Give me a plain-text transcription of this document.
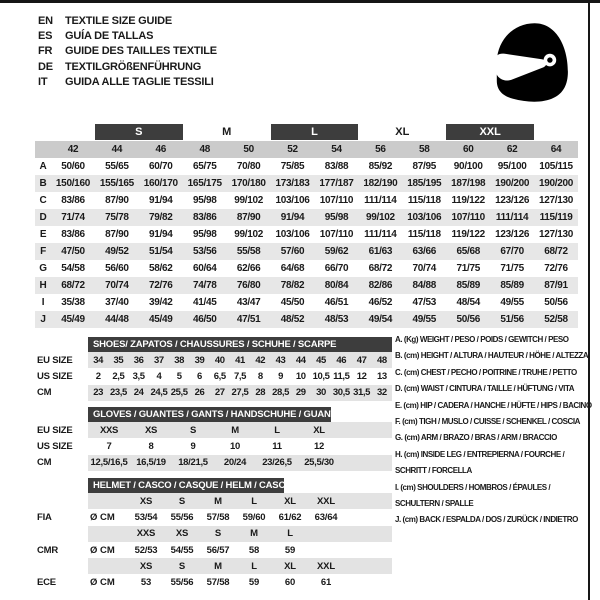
EN	TEXTILE SIZE GUIDE
ES	GUÍA DE TALLAS
FR	GUIDE DES TAILLES TEXTILE
DE	TEXTILGRÖßENFÜHRUNG
IT	GUIDA ALLE TAGLIE TESSILI
S	M	L	XL	XXL
42	44	46	48	50	52	54	56	58	60	62	64
A	50/60	55/65	60/70	65/75	70/80	75/85	83/88	85/92	87/95	90/100	95/100	105/115
B 150/160 155/165 160/170 165/175 170/180 173/183 177/187 182/190 185/195 187/198 190/200 190/200
C	83/86	87/90	91/94	95/98	99/102	103/106	107/110	111/114	115/118	119/122	123/126 127/130
D	71/74	75/78	79/82	83/86	87/90	91/94	95/98	99/102	103/106	107/110	111/114	115/119
E	83/86	87/90	91/94	95/98	99/102	103/106	107/110	111/114	115/118	119/122	123/126 127/130
F	47/50	49/52	51/54	53/56	55/58	57/60	59/62	61/63	63/66	65/68	67/70	68/72
G	54/58	56/60	58/62	60/64	62/66	64/68	66/70	68/72	70/74	71/75	71/75	72/76
H	68/72	70/74	72/76	74/78	76/80	78/82	80/84	82/86	84/88	85/89	85/89	87/91
I	35/38	37/40	39/42	41/45	43/47	45/50	46/51	46/52	47/53	48/54	49/55	50/56
J	45/49	44/48	45/49	46/50	47/51	48/52	48/53	49/54	49/55	50/56	51/56	52/58
SHOES/ ZAPATOS / CHAUSSURES / SCHUHE / SCARPE
EU SIZE	34	35	36	37	38	39	40	41	42	43	44	45	46	47	48
US SIZE	2	2,5 3,5	4	5	6	6,5 7,5	8	9	10 10,5 11,5 12	13
CM	23 23,5 24 24,5 25,5 26	27 27,5 28 28,5 29	30 30,5 31,5 32
GLOVES / GUANTES / GANTS / HANDSCHUHE / GUANTI
EU SIZE	XXS	XS	S	M	L	XL
US SIZE	7	8	9	10	11	12
CM	12,5/16,5 16,5/19	18/21,5	20/24	23/26,5	25,5/30
HELMET / CASCO / CASQUE / HELM / CASCO
XS	S	M	L	XL	XXL
FIA	Ø CM	53/54	55/56	57/58	59/60	61/62	63/64
XXS	XS	S	M	L
CMR	Ø CM	52/53	54/55	56/57	58	59
XS	S	M	L	XL	XXL
ECE	Ø CM	53	55/56	57/58	59	60	61
A. (Kg) WEIGHT / PESO / POIDS / GEWITCH / PESO
B. (cm) HEIGHT / ALTURA / HAUTEUR / HÖHE / ALTEZZA
C. (cm) CHEST / PECHO / POITRINE / TRUHE / PETTO
D. (cm) WAIST / CINTURA / TAILLE / HÜFTUNG / VITA
E. (cm) HIP / CADERA / HANCHE / HÜFTE / HIPS / BACINO
F. (cm) TIGH / MUSLO / CUISSE / SCHENKEL / COSCIA
G. (cm) ARM / BRAZO / BRAS / ARM / BRACCIO
H. (cm) INSIDE LEG / ENTREPIERNA / FOURCHE / SCHRITT / FORCELLA
I. (cm) SHOULDERS / HOMBROS / ÉPAULES / SCHULTERN / SPALLE
J. (cm) BACK / ESPALDA / DOS / ZURÜCK / INDIETRO
